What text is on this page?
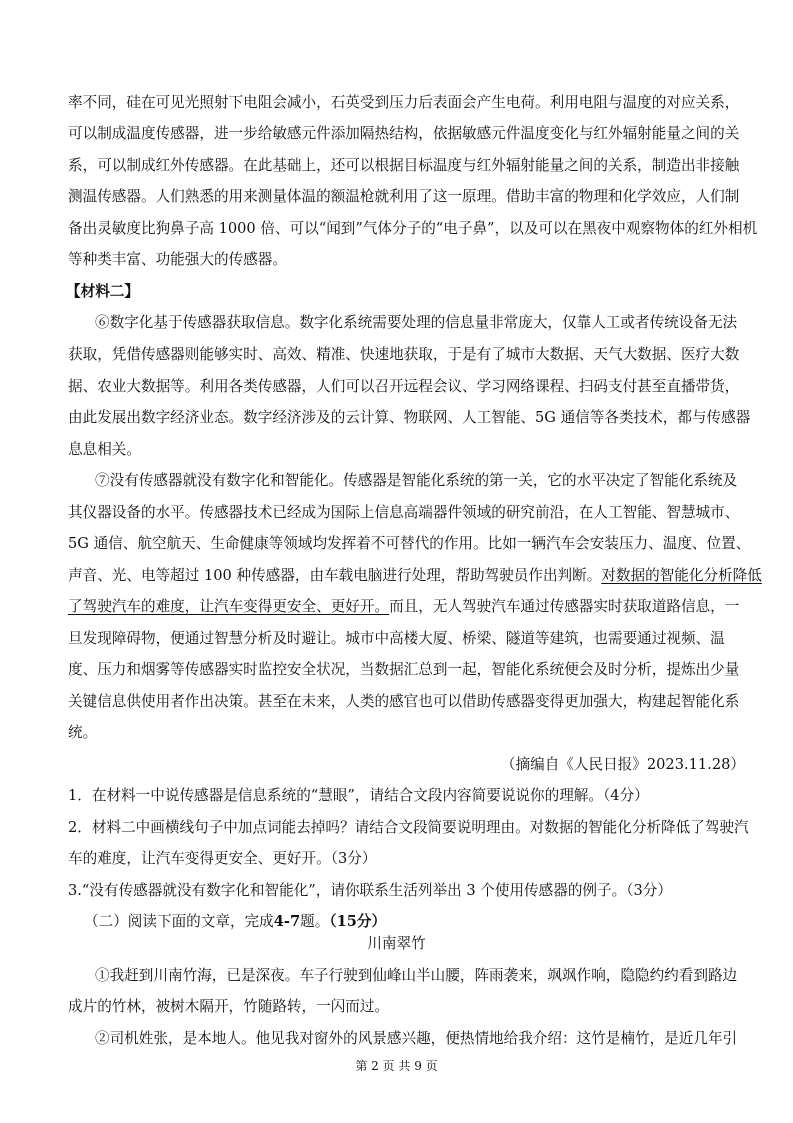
率不同，硅在可见光照射下电阻会减小，石英受到压力后表面会产生电荷。利用电阻与温度的对应关系，
可以制成温度传感器，进一步给敏感元件添加隔热结构，依据敏感元件温度变化与红外辐射能量之间的关
系，可以制成红外传感器。在此基础上，还可以根据目标温度与红外辐射能量之间的关系，制造出非接触
测温传感器。人们熟悉的用来测量体温的额温枪就利用了这一原理。借助丰富的物理和化学效应，人们制
备出灵敏度比狗鼻子高 1000 倍、可以“闻到”气体分子的“电子鼻”，以及可以在黑夜中观察物体的红外相机
等种类丰富、功能强大的传感器。
【材料二】
⑥数字化基于传感器获取信息。数字化系统需要处理的信息量非常庞大，仅靠人工或者传统设备无法
获取，凭借传感器则能够实时、高效、精准、快速地获取，于是有了城市大数据、天气大数据、医疗大数
据、农业大数据等。利用各类传感器，人们可以召开远程会议、学习网络课程、扫码支付甚至直播带货，
由此发展出数字经济业态。数字经济涉及的云计算、物联网、人工智能、5G 通信等各类技术，都与传感器
息息相关。
⑦没有传感器就没有数字化和智能化。传感器是智能化系统的第一关，它的水平决定了智能化系统及
其仪器设备的水平。传感器技术已经成为国际上信息高端器件领域的研究前沿，在人工智能、智慧城市、
5G 通信、航空航天、生命健康等领域均发挥着不可替代的作用。比如一辆汽车会安装压力、温度、位置、
声音、光、电等超过 100 种传感器，由车载电脑进行处理，帮助驾驶员作出判断。对数据的智能化分析降低
了驾驶汽车的难度，让汽车变得更安全、更好开。而且，无人驾驶汽车通过传感器实时获取道路信息，一
旦发现障碍物，便通过智慧分析及时避让。城市中高楼大厦、桥梁、隧道等建筑，也需要通过视频、温
度、压力和烟雾等传感器实时监控安全状况，当数据汇总到一起，智能化系统便会及时分析，提炼出少量
关键信息供使用者作出决策。甚至在未来，人类的感官也可以借助传感器变得更加强大，构建起智能化系
统。
（摘编自《人民日报》2023.11.28）
1．在材料一中说传感器是信息系统的“慧眼”，请结合文段内容简要说说你的理解。（4分）
2．材料二中画横线句子中加点词能去掉吗？请结合文段简要说明理由。对数据的智能化分析降低了驾驶汽
车的难度，让汽车变得更安全、更好开。（3分）
3.“没有传感器就没有数字化和智能化”，请你联系生活列举出 3 个使用传感器的例子。（3分）
（二）阅读下面的文章，完成4-7题。（15分）
川南翠竹
①我赶到川南竹海，已是深夜。车子行驶到仙峰山半山腰，阵雨袭来，飒飒作响，隐隐约约看到路边
成片的竹林，被树木隔开，竹随路转，一闪而过。
②司机姓张，是本地人。他见我对窗外的风景感兴趣，便热情地给我介绍：这竹是楠竹，是近几年引
第 2 页 共 9 页
